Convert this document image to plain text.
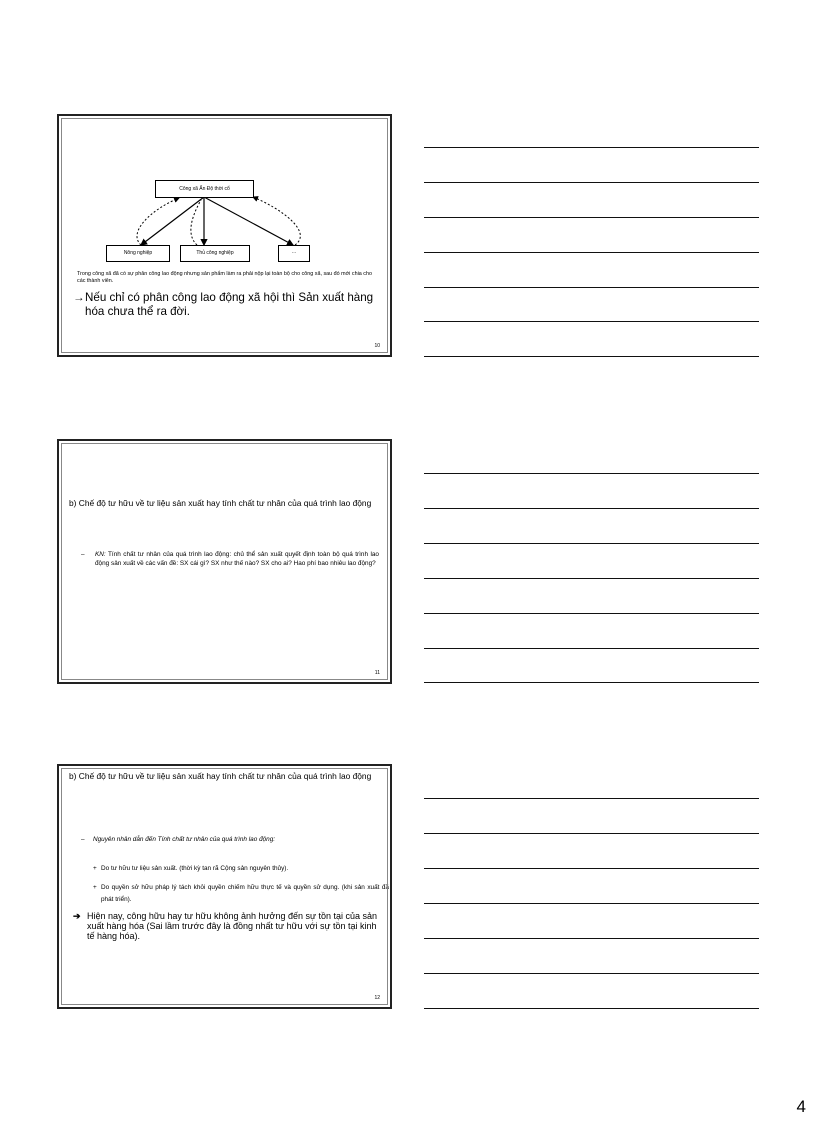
Công xã Ấn Độ thời cổ
Nông nghiệp	Thủ công nghiệp	…
Trong công xã đã có sự phân công lao động nhưng sản phẩm làm ra phải nộp lại toàn bộ cho công xã, sau đó mới chia cho các thành viên.
→ Nếu chỉ có phân công lao động xã hội thì Sản xuất hàng hóa chưa thể ra đời.
10
b) Chế độ tư hữu về tư liệu sản xuất hay tính chất tư nhân của quá trình lao động
–	KN: Tính chất tư nhân của quá trình lao động: chủ thể sản xuất quyết định toàn bộ quá trình lao động sản xuất về các vấn đề: SX cái gì? SX như thế nào? SX cho ai? Hao phí bao nhiêu lao động?
11
b) Chế độ tư hữu về tư liệu sản xuất hay tính chất tư nhân của quá trình lao động
–	Nguyên nhân dẫn đến Tính chất tư nhân của quá trình lao động:
+ Do tư hữu tư liệu sản xuất. (thời kỳ tan rã Cộng sản nguyên thủy).
+ Do quyền sở hữu pháp lý tách khỏi quyền chiếm hữu thực tế và quyền sử dụng. (khi sản xuất đã phát triển).
➔ Hiện nay, công hữu hay tư hữu không ảnh hưởng đến sự tồn tại của sản xuất hàng hóa (Sai lầm trước đây là đồng nhất tư hữu với sự tồn tại kinh tế hàng hóa).
12
4
